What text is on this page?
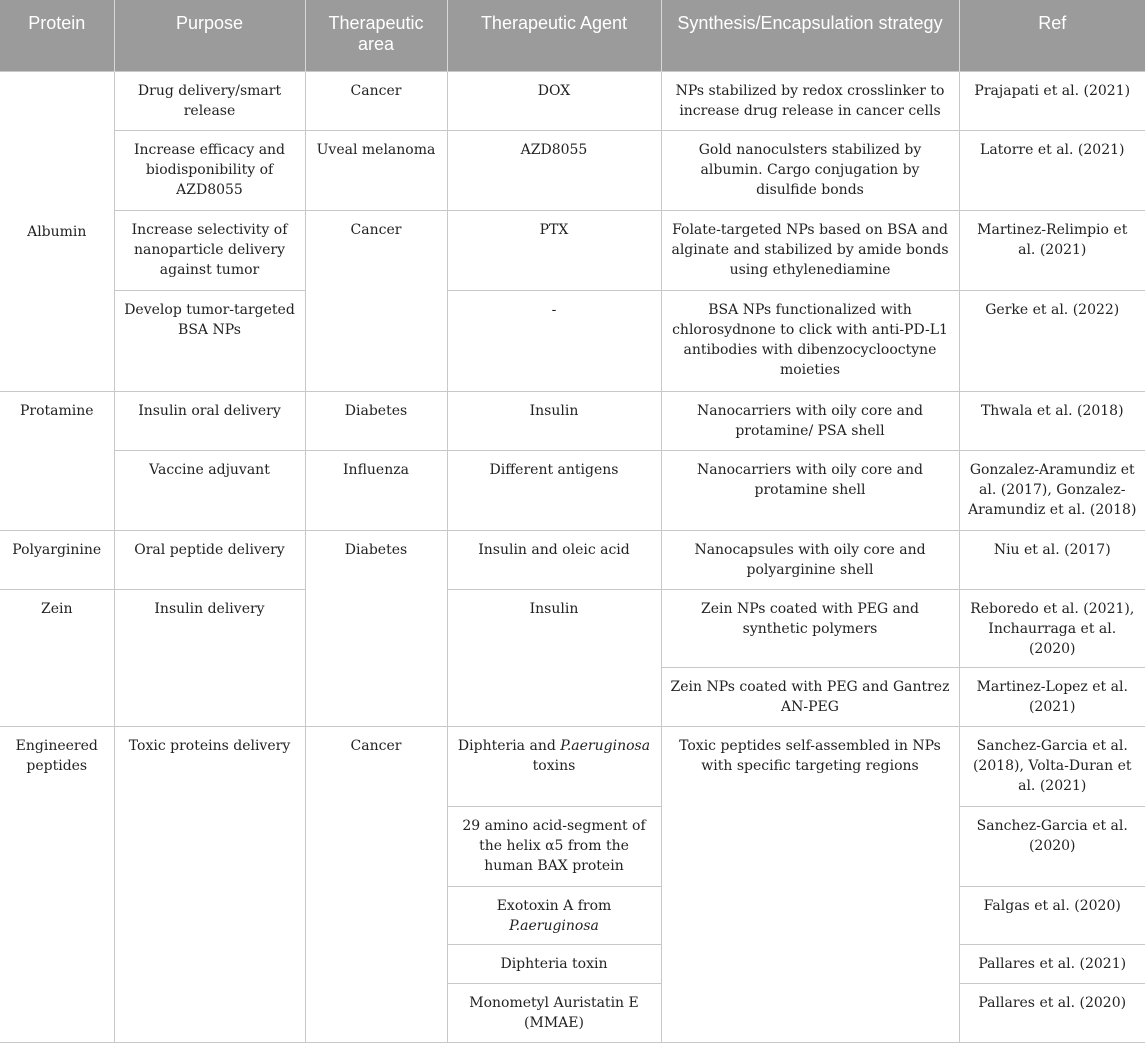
Protein	Purpose	Therapeutic area	Therapeutic Agent	Synthesis/Encapsulation strategy	Ref
Albumin	Drug delivery/smart release	Cancer	DOX	NPs stabilized by redox crosslinker to increase drug release in cancer cells	Prajapati et al. (2021)
	Increase efficacy and biodisponibility of AZD8055	Uveal melanoma	AZD8055	Gold nanoculsters stabilized by albumin. Cargo conjugation by disulfide bonds	Latorre et al. (2021)
	Increase selectivity of nanoparticle delivery against tumor	Cancer	PTX	Folate-targeted NPs based on BSA and alginate and stabilized by amide bonds using ethylenediamine	Martinez-Relimpio et al. (2021)
	Develop tumor-targeted BSA NPs		-	BSA NPs functionalized with chlorosydnone to click with anti-PD-L1 antibodies with dibenzocyclooctyne moieties	Gerke et al. (2022)
Protamine	Insulin oral delivery	Diabetes	Insulin	Nanocarriers with oily core and protamine/ PSA shell	Thwala et al. (2018)
	Vaccine adjuvant	Influenza	Different antigens	Nanocarriers with oily core and protamine shell	Gonzalez-Aramundiz et al. (2017), Gonzalez-Aramundiz et al. (2018)
Polyarginine	Oral peptide delivery	Diabetes	Insulin and oleic acid	Nanocapsules with oily core and polyarginine shell	Niu et al. (2017)
Zein	Insulin delivery		Insulin	Zein NPs coated with PEG and synthetic polymers	Reboredo et al. (2021), Inchaurraga et al. (2020)
				Zein NPs coated with PEG and Gantrez AN-PEG	Martinez-Lopez et al. (2021)
Engineered peptides	Toxic proteins delivery	Cancer	Diphteria and P.aeruginosa toxins	Toxic peptides self-assembled in NPs with specific targeting regions	Sanchez-Garcia et al. (2018), Volta-Duran et al. (2021)
			29 amino acid-segment of the helix α5 from the human BAX protein		Sanchez-Garcia et al. (2020)
			Exotoxin A from P.aeruginosa		Falgas et al. (2020)
			Diphteria toxin		Pallares et al. (2021)
			Monometyl Auristatin E (MMAE)		Pallares et al. (2020)
